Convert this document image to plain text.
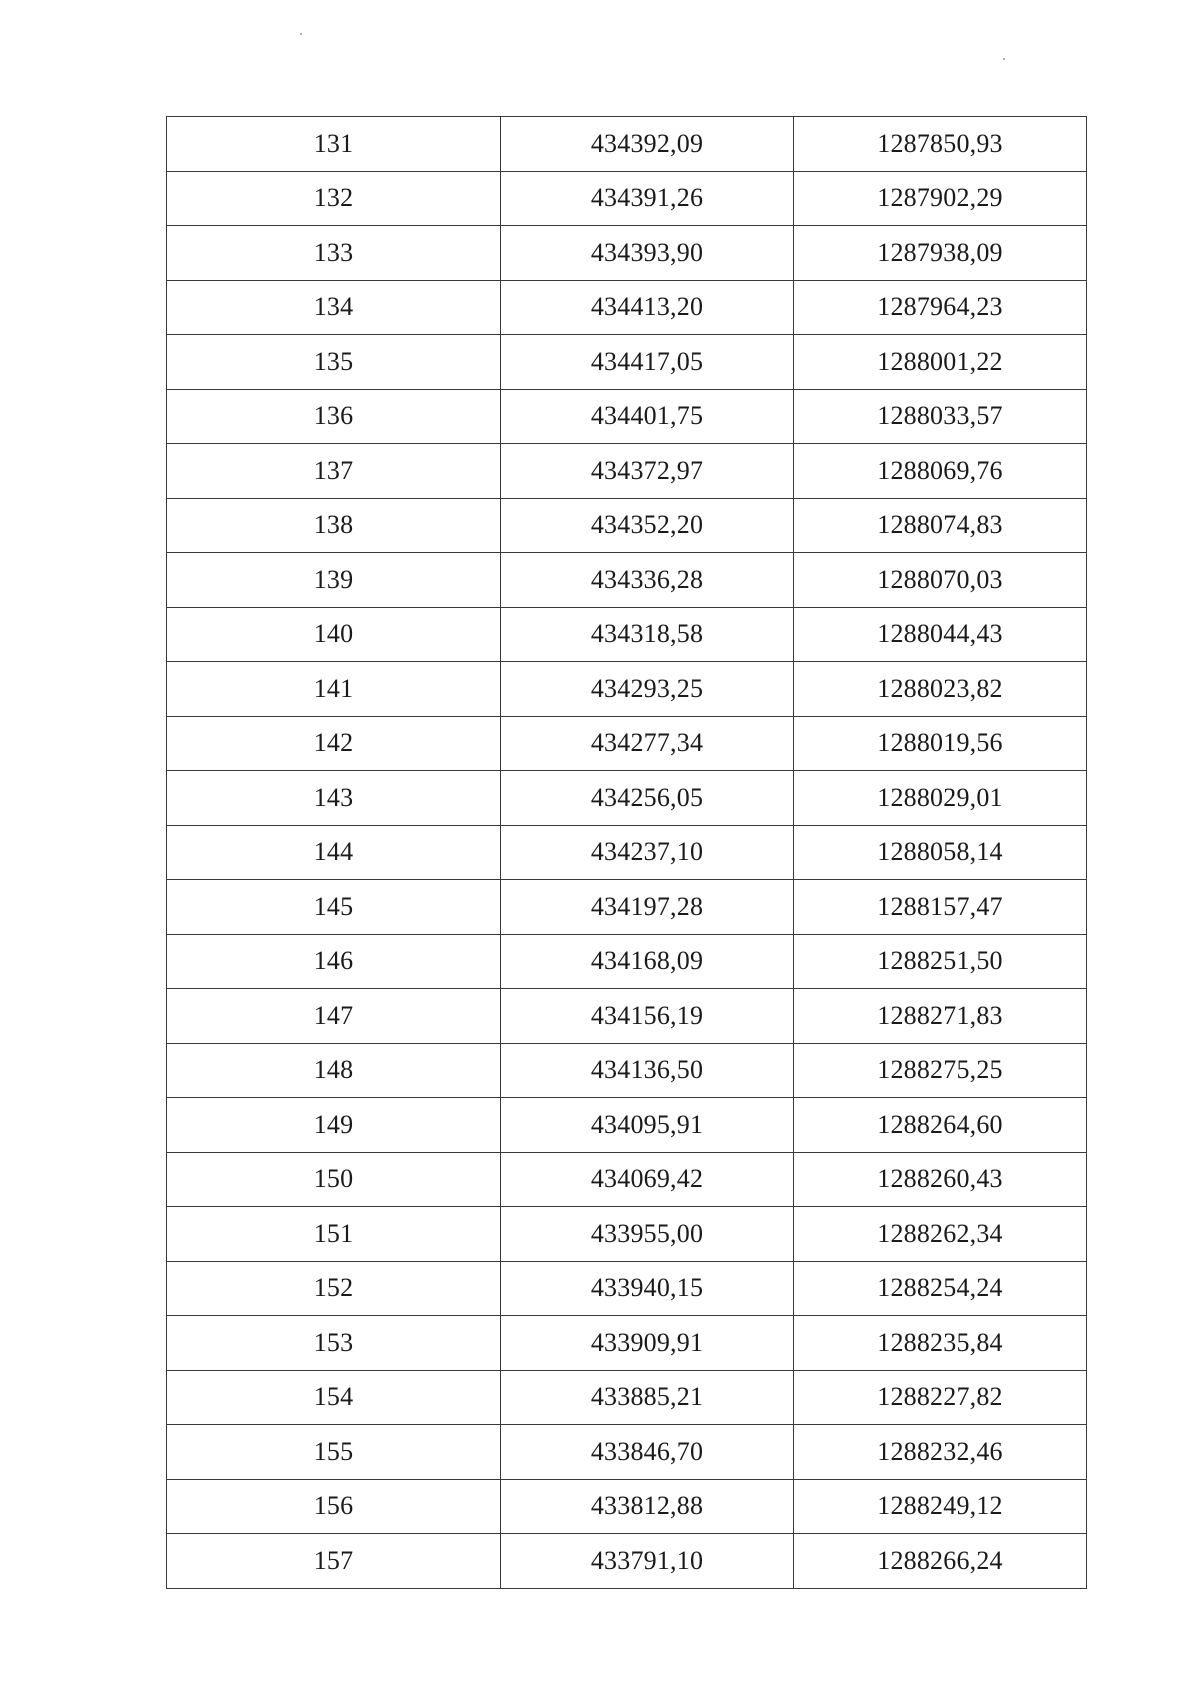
131	434392,09	1287850,93
132	434391,26	1287902,29
133	434393,90	1287938,09
134	434413,20	1287964,23
135	434417,05	1288001,22
136	434401,75	1288033,57
137	434372,97	1288069,76
138	434352,20	1288074,83
139	434336,28	1288070,03
140	434318,58	1288044,43
141	434293,25	1288023,82
142	434277,34	1288019,56
143	434256,05	1288029,01
144	434237,10	1288058,14
145	434197,28	1288157,47
146	434168,09	1288251,50
147	434156,19	1288271,83
148	434136,50	1288275,25
149	434095,91	1288264,60
150	434069,42	1288260,43
151	433955,00	1288262,34
152	433940,15	1288254,24
153	433909,91	1288235,84
154	433885,21	1288227,82
155	433846,70	1288232,46
156	433812,88	1288249,12
157	433791,10	1288266,24
